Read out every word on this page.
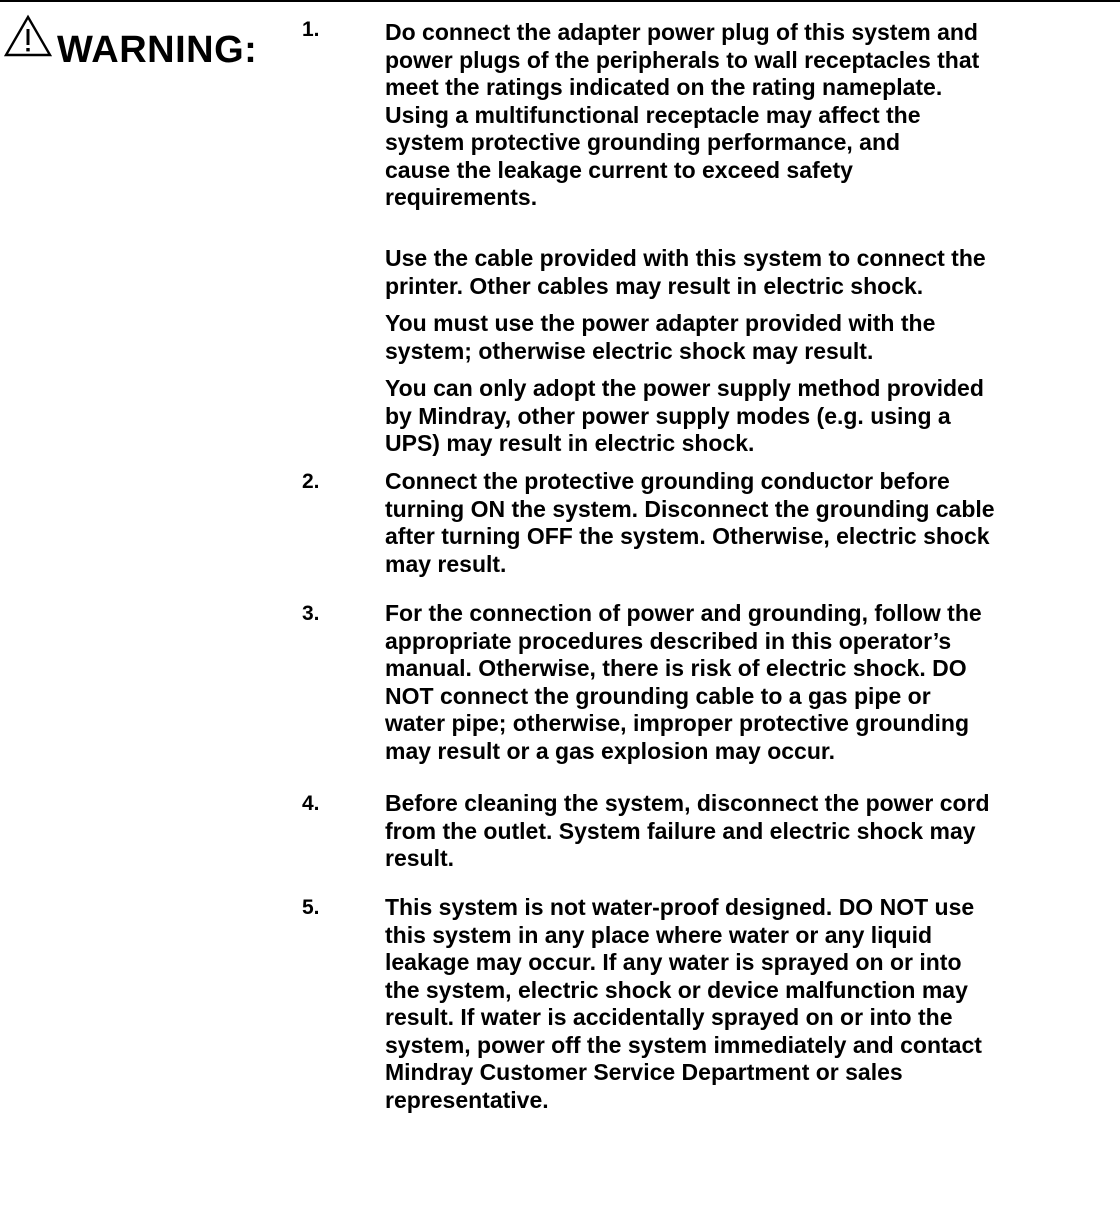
WARNING: 1.	Do connect the adapter power plug of this system and
power plugs of the peripherals to wall receptacles that
meet the ratings indicated on the rating nameplate.
Using a multifunctional receptacle may affect the
system protective grounding performance, and
cause the leakage current to exceed safety
requirements.
Use the cable provided with this system to connect the
printer. Other cables may result in electric shock.
You must use the power adapter provided with the
system; otherwise electric shock may result.
You can only adopt the power supply method provided
by Mindray, other power supply modes (e.g. using a
UPS) may result in electric shock.
2.	Connect the protective grounding conductor before
turning ON the system. Disconnect the grounding cable
after turning OFF the system. Otherwise, electric shock
may result.
3.	For the connection of power and grounding, follow the
appropriate procedures described in this operator’s
manual. Otherwise, there is risk of electric shock. DO
NOT connect the grounding cable to a gas pipe or
water pipe; otherwise, improper protective grounding
may result or a gas explosion may occur.
4.	Before cleaning the system, disconnect the power cord
from the outlet. System failure and electric shock may
result.
5.	This system is not water-proof designed. DO NOT use
this system in any place where water or any liquid
leakage may occur. If any water is sprayed on or into
the system, electric shock or device malfunction may
result. If water is accidentally sprayed on or into the
system, power off the system immediately and contact
Mindray Customer Service Department or sales
representative.
